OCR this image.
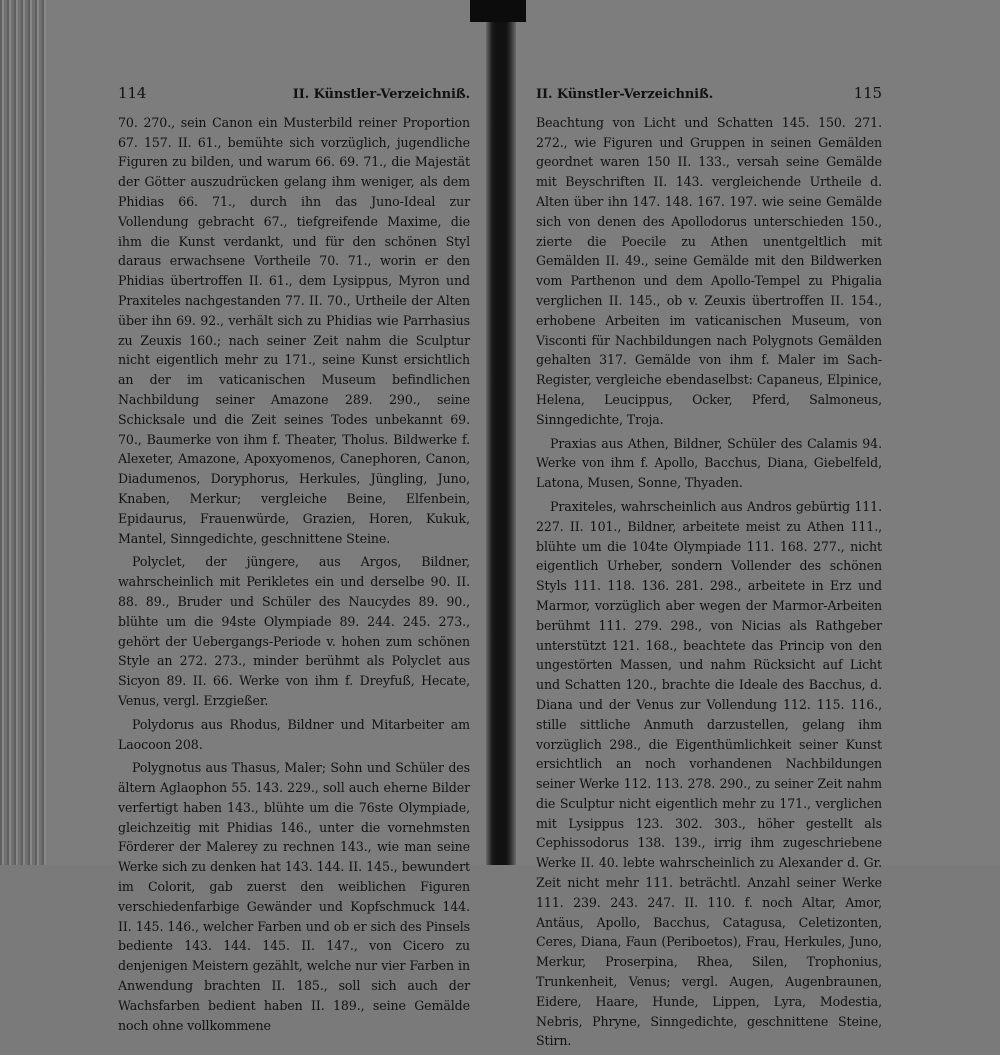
114	II. Künstler-Verzeichniß.

70. 270., sein Canon ein Musterbild reiner Proportion 67. 157. II. 61., bemühte sich vorzüglich, jugendliche Figuren zu bilden, und warum 66. 69. 71., die Majestät der Götter auszudrücken gelang ihm weniger, als dem Phidias 66. 71., durch ihn das Juno-Ideal zur Vollendung gebracht 67., tiefgreifende Maxime, die ihm die Kunst verdankt, und für den schönen Styl daraus erwachsene Vortheile 70. 71., worin er den Phidias übertroffen II. 61., dem Lysippus, Myron und Praxiteles nachgestanden 77. II. 70., Urtheile der Alten über ihn 69. 92., verhält sich zu Phidias wie Parrhasius zu Zeuxis 160.; nach seiner Zeit nahm die Sculptur nicht eigentlich mehr zu 171., seine Kunst ersichtlich an der im vaticanischen Museum befindlichen Nachbildung seiner Amazone 289. 290., seine Schicksale und die Zeit seines Todes unbekannt 69. 70., Baumerke von ihm f. Theater, Tholus. Bildwerke f. Alexeter, Amazone, Apoxyomenos, Canephoren, Canon, Diadumenos, Doryphorus, Herkules, Jüngling, Juno, Knaben, Merkur; vergleiche Beine, Elfenbein, Epidaurus, Frauenwürde, Grazien, Horen, Kukuk, Mantel, Sinngedichte, geschnittene Steine.

Polyclet, der jüngere, aus Argos, Bildner, wahrscheinlich mit Perikletes ein und derselbe 90. II. 88. 89., Bruder und Schüler des Naucydes 89. 90., blühte um die 94ste Olympiade 89. 244. 245. 273., gehört der Uebergangs-Periode v. hohen zum schönen Style an 272. 273., minder berühmt als Polyclet aus Sicyon 89. II. 66. Werke von ihm f. Dreyfuß, Hecate, Venus, vergl. Erzgießer.

Polydorus aus Rhodus, Bildner und Mitarbeiter am Laocoon 208.

Polygnotus aus Thasus, Maler; Sohn und Schüler des ältern Aglaophon 55. 143. 229., soll auch eherne Bilder verfertigt haben 143., blühte um die 76ste Olympiade, gleichzeitig mit Phidias 146., unter die vornehmsten Förderer der Malerey zu rechnen 143., wie man seine Werke sich zu denken hat 143. 144. II. 145., bewundert im Colorit, gab zuerst den weiblichen Figuren verschiedenfarbige Gewänder und Kopfschmuck 144. II. 145. 146., welcher Farben und ob er sich des Pinsels bediente 143. 144. 145. II. 147., von Cicero zu denjenigen Meistern gezählt, welche nur vier Farben in Anwendung brachten II. 185., soll sich auch der Wachsfarben bedient haben II. 189., seine Gemälde noch ohne vollkommene

II. Künstler-Verzeichniß.	115

Beachtung von Licht und Schatten 145. 150. 271. 272., wie Figuren und Gruppen in seinen Gemälden geordnet waren 150 II. 133., versah seine Gemälde mit Beyschriften II. 143. vergleichende Urtheile d. Alten über ihn 147. 148. 167. 197. wie seine Gemälde sich von denen des Apollodorus unterschieden 150., zierte die Poecile zu Athen unentgeltlich mit Gemälden II. 49., seine Gemälde mit den Bildwerken vom Parthenon und dem Apollo-Tempel zu Phigalia verglichen II. 145., ob v. Zeuxis übertroffen II. 154., erhobene Arbeiten im vaticanischen Museum, von Visconti für Nachbildungen nach Polygnots Gemälden gehalten 317. Gemälde von ihm f. Maler im Sach-Register, vergleiche ebendaselbst: Capaneus, Elpinice, Helena, Leucippus, Ocker, Pferd, Salmoneus, Sinngedichte, Troja.

Praxias aus Athen, Bildner, Schüler des Calamis 94. Werke von ihm f. Apollo, Bacchus, Diana, Giebelfeld, Latona, Musen, Sonne, Thyaden.

Praxiteles, wahrscheinlich aus Andros gebürtig 111. 227. II. 101., Bildner, arbeitete meist zu Athen 111., blühte um die 104te Olympiade 111. 168. 277., nicht eigentlich Urheber, sondern Vollender des schönen Styls 111. 118. 136. 281. 298., arbeitete in Erz und Marmor, vorzüglich aber wegen der Marmor-Arbeiten berühmt 111. 279. 298., von Nicias als Rathgeber unterstützt 121. 168., beachtete das Princip von den ungestörten Massen, und nahm Rücksicht auf Licht und Schatten 120., brachte die Ideale des Bacchus, d. Diana und der Venus zur Vollendung 112. 115. 116., stille sittliche Anmuth darzustellen, gelang ihm vorzüglich 298., die Eigenthümlichkeit seiner Kunst ersichtlich an noch vorhandenen Nachbildungen seiner Werke 112. 113. 278. 290., zu seiner Zeit nahm die Sculptur nicht eigentlich mehr zu 171., verglichen mit Lysippus 123. 302. 303., höher gestellt als Cephissodorus 138. 139., irrig ihm zugeschriebene Werke II. 40. lebte wahrscheinlich zu Alexander d. Gr. Zeit nicht mehr 111. beträchtl. Anzahl seiner Werke 111. 239. 243. 247. II. 110. f. noch Altar, Amor, Antäus, Apollo, Bacchus, Catagusa, Celetizonten, Ceres, Diana, Faun (Periboetos), Frau, Herkules, Juno, Merkur, Proserpina, Rhea, Silen, Trophonius, Trunkenheit, Venus; vergl. Augen, Augenbraunen, Eidere, Haare, Hunde, Lippen, Lyra, Modestia, Nebris, Phryne, Sinngedichte, geschnittene Steine, Stirn.
